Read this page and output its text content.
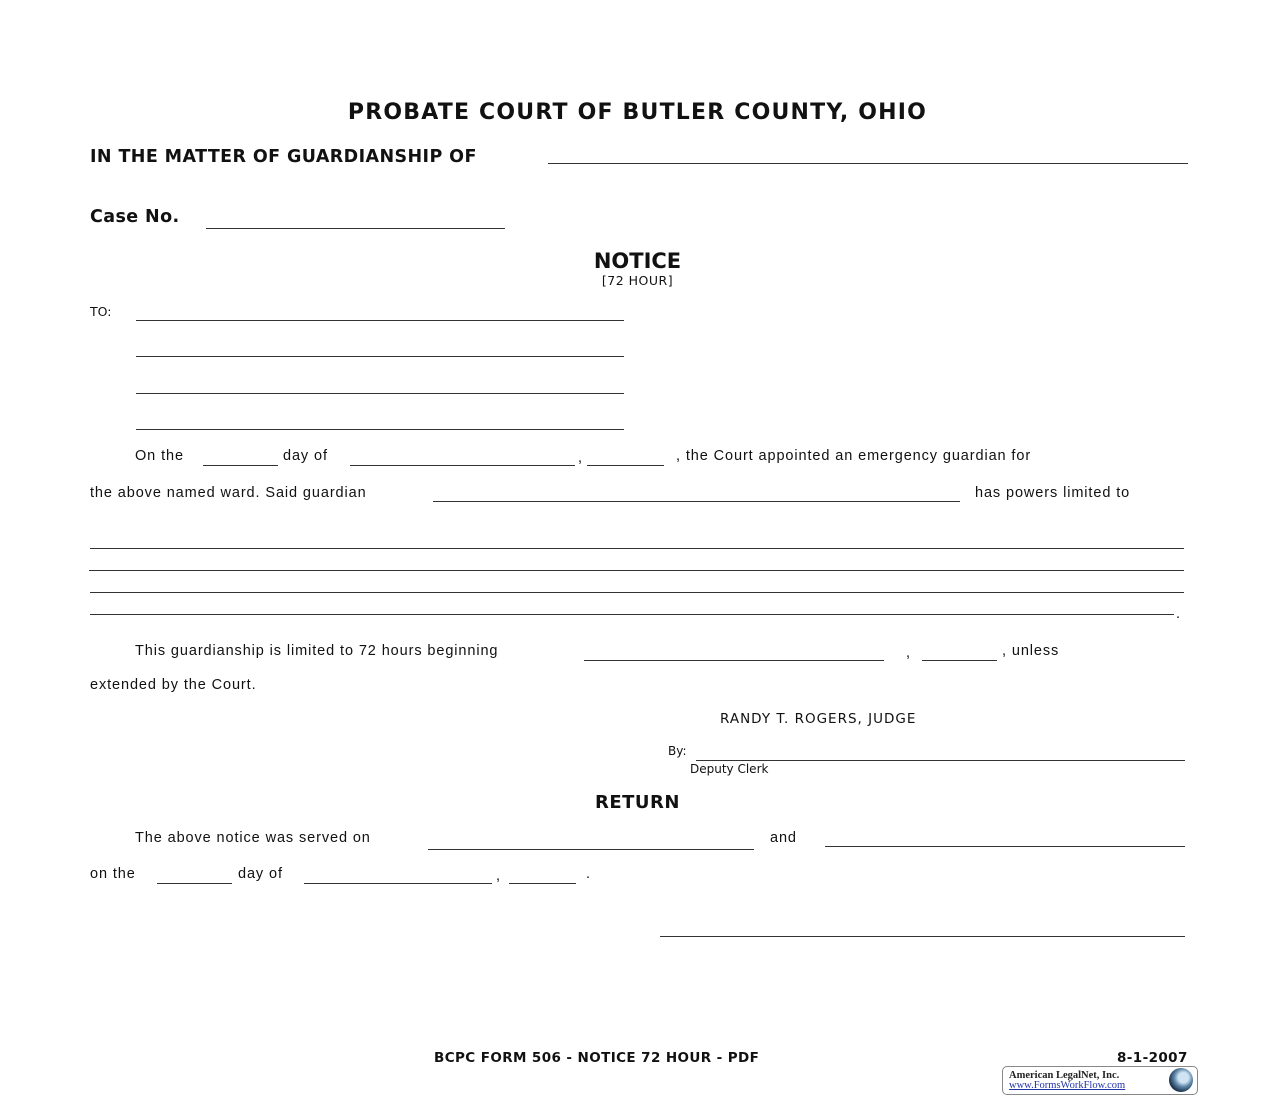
PROBATE COURT OF BUTLER COUNTY, OHIO
IN THE MATTER OF GUARDIANSHIP OF
Case No.
NOTICE
[72 HOUR]
TO:
On the	day of	,	, the Court appointed an emergency guardian for
the above named ward. Said guardian	has powers limited to
.
This guardianship is limited to 72 hours beginning	,	, unless
extended by the Court.
RANDY T. ROGERS, JUDGE
By:
Deputy Clerk
RETURN
The above notice was served on	and
on the	day of	,	.
BCPC FORM 506 - NOTICE 72 HOUR - PDF	8-1-2007
American LegalNet, Inc.
www.FormsWorkFlow.com
